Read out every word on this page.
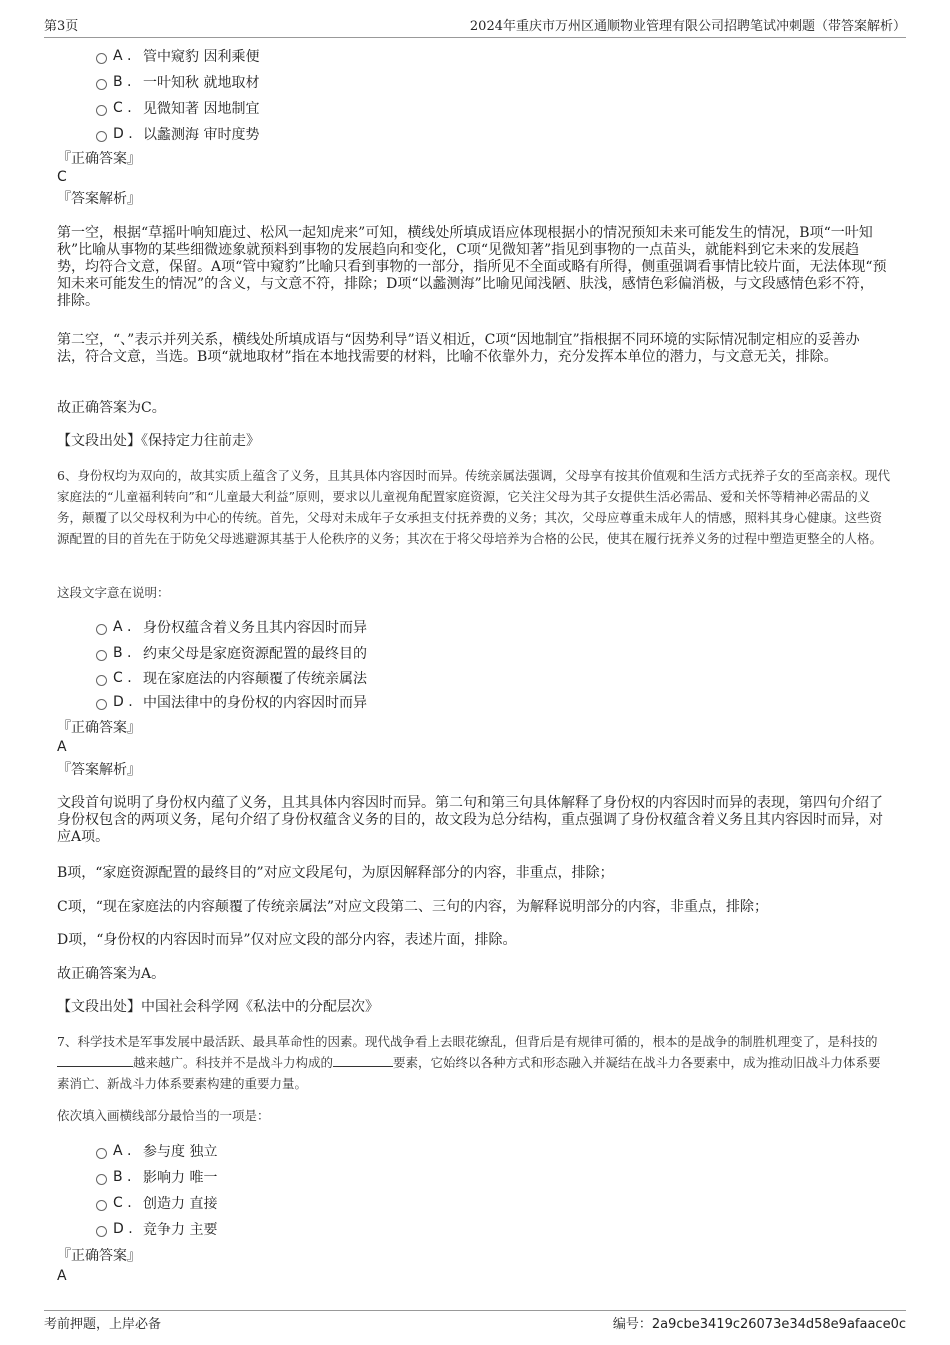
第3页	2024年重庆市万州区通顺物业管理有限公司招聘笔试冲刺题（带答案解析）
A . 管中窥豹 因利乘便
B . 一叶知秋 就地取材
C . 见微知著 因地制宜
D . 以蠡测海 审时度势
『正确答案』
C
『答案解析』
第一空，根据“草摇叶响知鹿过、松风一起知虎来”可知，横线处所填成语应体现根据小的情况预知未来可能发生的情况，B项“一叶知秋”比喻从事物的某些细微迹象就预料到事物的发展趋向和变化，C项“见微知著”指见到事物的一点苗头，就能料到它未来的发展趋势，均符合文意，保留。A项“管中窥豹”比喻只看到事物的一部分，指所见不全面或略有所得，侧重强调看事情比较片面，无法体现“预知未来可能发生的情况”的含义，与文意不符，排除；D项“以蠡测海”比喻见闻浅陋、肤浅，感情色彩偏消极，与文段感情色彩不符，排除。
第二空，“、”表示并列关系，横线处所填成语与“因势利导”语义相近，C项“因地制宜”指根据不同环境的实际情况制定相应的妥善办法，符合文意，当选。B项“就地取材”指在本地找需要的材料，比喻不依靠外力，充分发挥本单位的潜力，与文意无关，排除。
故正确答案为C。
【文段出处】《保持定力往前走》
6、身份权均为双向的，故其实质上蕴含了义务，且其具体内容因时而异。传统亲属法强调，父母享有按其价值观和生活方式抚养子女的至高亲权。现代家庭法的“儿童福利转向”和“儿童最大利益”原则，要求以儿童视角配置家庭资源，它关注父母为其子女提供生活必需品、爱和关怀等精神必需品的义务，颠覆了以父母权利为中心的传统。首先，父母对未成年子女承担支付抚养费的义务；其次，父母应尊重未成年人的情感，照料其身心健康。这些资源配置的目的首先在于防免父母逃避源其基于人伦秩序的义务；其次在于将父母培养为合格的公民，使其在履行抚养义务的过程中塑造更整全的人格。
这段文字意在说明：
A . 身份权蕴含着义务且其内容因时而异
B . 约束父母是家庭资源配置的最终目的
C . 现在家庭法的内容颠覆了传统亲属法
D . 中国法律中的身份权的内容因时而异
『正确答案』
A
『答案解析』
文段首句说明了身份权内蕴了义务，且其具体内容因时而异。第二句和第三句具体解释了身份权的内容因时而异的表现，第四句介绍了身份权包含的两项义务，尾句介绍了身份权蕴含义务的目的，故文段为总分结构，重点强调了身份权蕴含着义务且其内容因时而异，对应A项。
B项，“家庭资源配置的最终目的”对应文段尾句，为原因解释部分的内容，非重点，排除；
C项，“现在家庭法的内容颠覆了传统亲属法”对应文段第二、三句的内容，为解释说明部分的内容，非重点，排除；
D项，“身份权的内容因时而异”仅对应文段的部分内容，表述片面，排除。
故正确答案为A。
【文段出处】中国社会科学网《私法中的分配层次》
7、科学技术是军事发展中最活跃、最具革命性的因素。现代战争看上去眼花缭乱，但背后是有规律可循的，根本的是战争的制胜机理变了，是科技的越来越广。科技并不是战斗力构成的	要素，它始终以各种方式和形态融入并凝结在战斗力各要素中，成为推动旧战斗力体系要素消亡、新战斗力体系要素构建的重要力量。
依次填入画横线部分最恰当的一项是：
A . 参与度 独立
B . 影响力 唯一
C . 创造力 直接
D . 竞争力 主要
『正确答案』
A
考前押题，上岸必备	编号：2a9cbe3419c26073e34d58e9afaace0c
